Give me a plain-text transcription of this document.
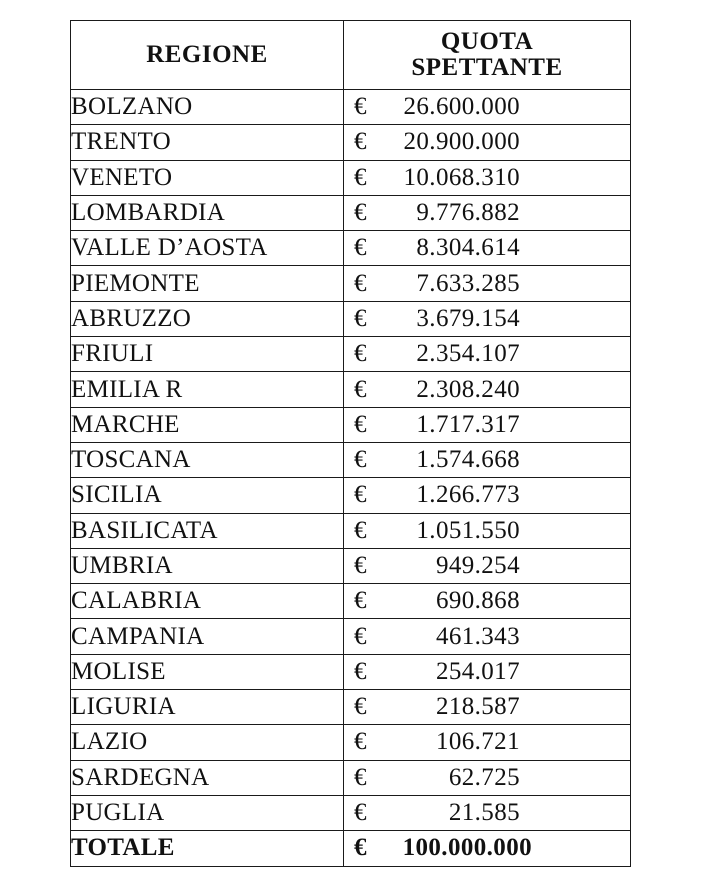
REGIONE	QUOTA
SPETTANTE
BOLZANO	€ 26.600.000

TRENTO	€ 20.900.000

VENETO	€ 10.068.310

LOMBARDIA	€ 9.776.882

VALLE D’AOSTA	€ 8.304.614

PIEMONTE	€ 7.633.285

ABRUZZO	€ 3.679.154

FRIULI	€ 2.354.107

EMILIA R	€ 2.308.240

MARCHE	€ 1.717.317

TOSCANA	€ 1.574.668

SICILIA	€ 1.266.773

BASILICATA	€ 1.051.550

UMBRIA	€ 949.254

CALABRIA	€ 690.868

CAMPANIA	€ 461.343

MOLISE	€ 254.017

LIGURIA	€ 218.587

LAZIO	€ 106.721

SARDEGNA	€ 62.725

PUGLIA	€ 21.585

TOTALE	€ 100.000.000
